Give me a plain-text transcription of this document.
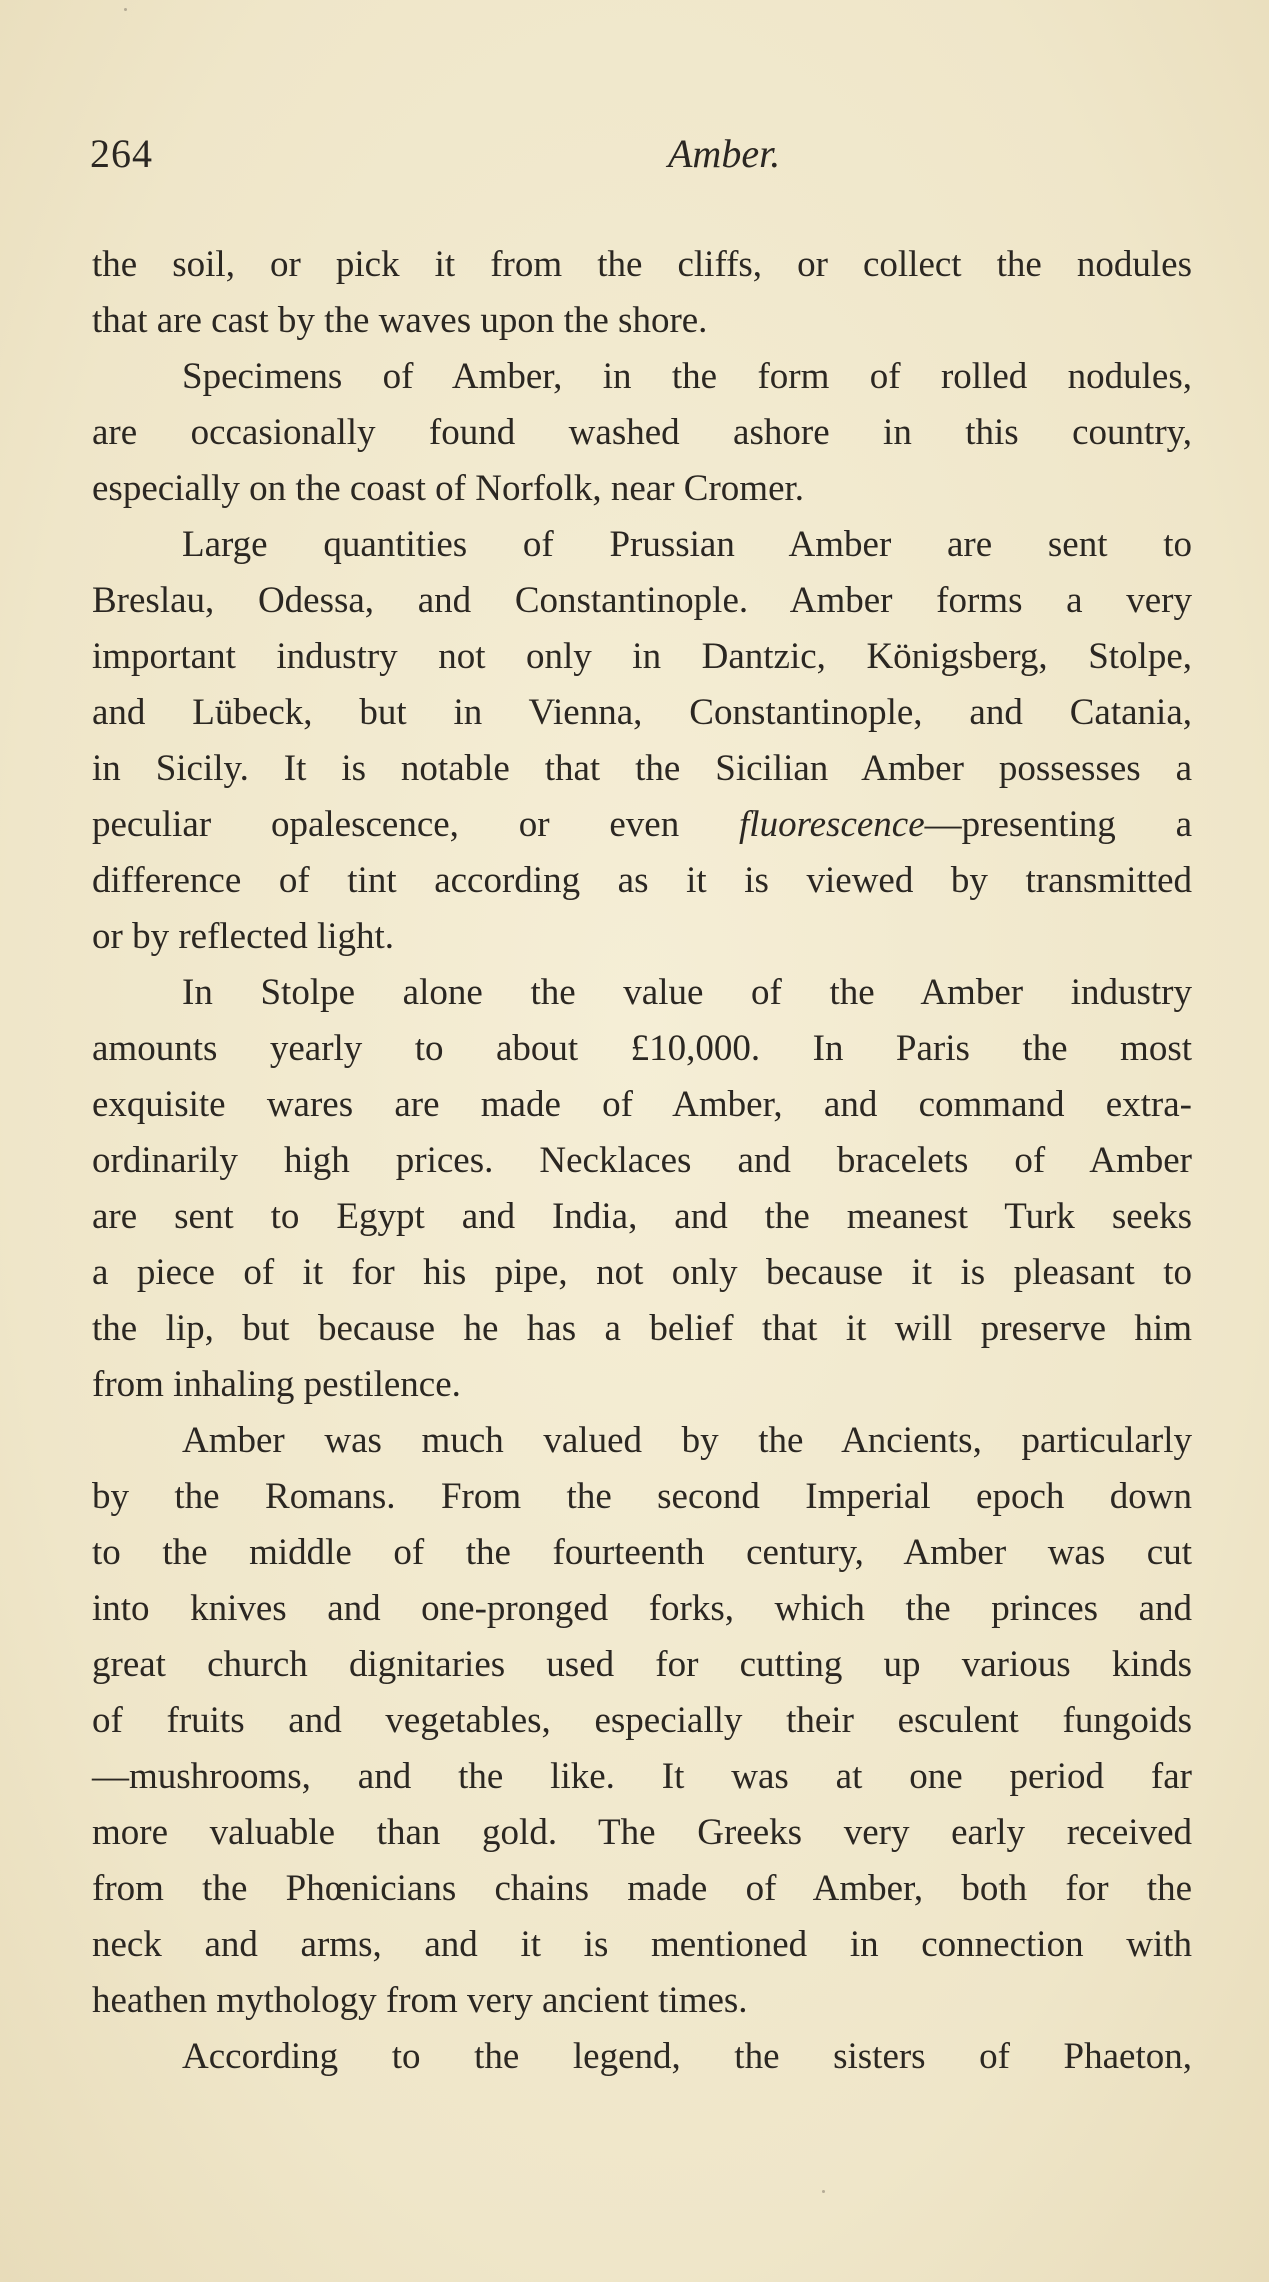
264	Amber.
the soil, or pick it from the cliffs, or collect the nodules
that are cast by the waves upon the shore.
Specimens of Amber, in the form of rolled nodules,
are occasionally found washed ashore in this country,
especially on the coast of Norfolk, near Cromer.
Large quantities of Prussian Amber are sent to
Breslau, Odessa, and Constantinople. Amber forms a very
important industry not only in Dantzic, Königsberg, Stolpe,
and Lübeck, but in Vienna, Constantinople, and Catania,
in Sicily. It is notable that the Sicilian Amber possesses a
peculiar opalescence, or even fluorescence—presenting a
difference of tint according as it is viewed by transmitted
or by reflected light.
In Stolpe alone the value of the Amber industry
amounts yearly to about £10,000. In Paris the most
exquisite wares are made of Amber, and command extra-
ordinarily high prices. Necklaces and bracelets of Amber
are sent to Egypt and India, and the meanest Turk seeks
a piece of it for his pipe, not only because it is pleasant to
the lip, but because he has a belief that it will preserve him
from inhaling pestilence.
Amber was much valued by the Ancients, particularly
by the Romans. From the second Imperial epoch down
to the middle of the fourteenth century, Amber was cut
into knives and one-pronged forks, which the princes and
great church dignitaries used for cutting up various kinds
of fruits and vegetables, especially their esculent fungoids
—mushrooms, and the like. It was at one period far
more valuable than gold. The Greeks very early received
from the Phœnicians chains made of Amber, both for the
neck and arms, and it is mentioned in connection with
heathen mythology from very ancient times.
According to the legend, the sisters of Phaeton,
